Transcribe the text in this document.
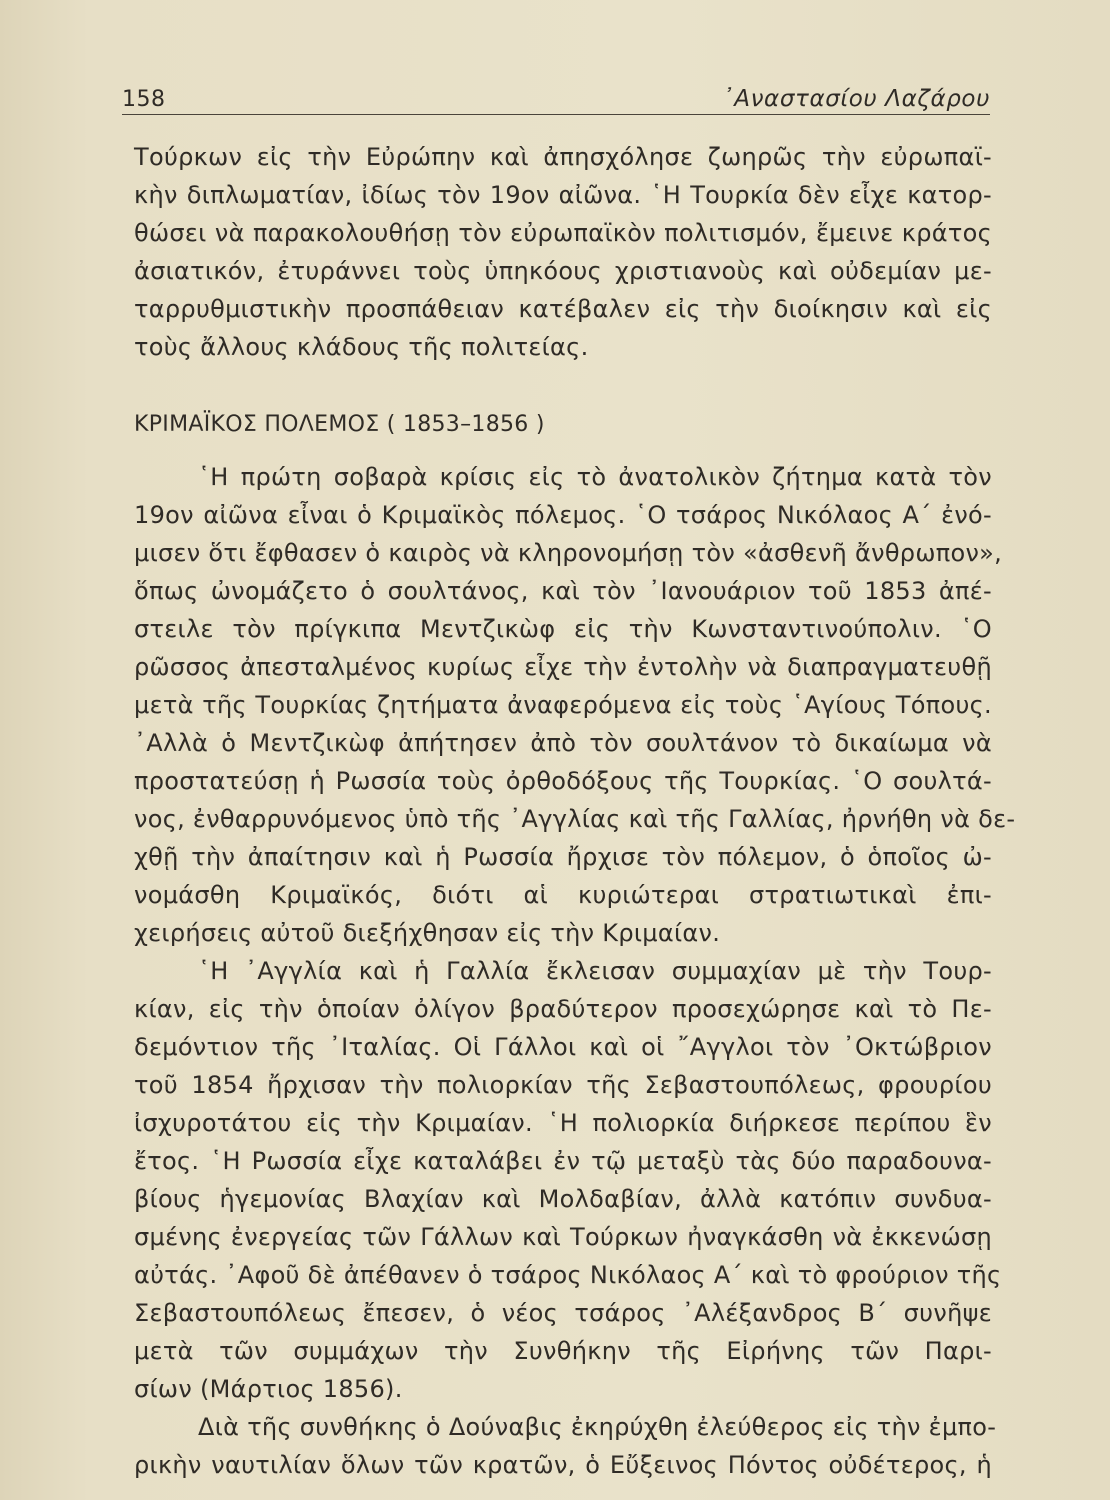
158	᾿Αναστασίου Λαζάρου
Τούρκων εἰς τὴν Εὐρώπην καὶ ἀπησχόλησε ζωηρῶς τὴν εὐρωπαϊ-
κὴν διπλωματίαν, ἰδίως τὸν 19ον αἰῶνα. ῾Η Τουρκία δὲν εἶχε κατορ-
θώσει νὰ παρακολουθήσῃ τὸν εὐρωπαϊκὸν πολιτισμόν, ἔμεινε κράτος
ἀσιατικόν, ἐτυράννει τοὺς ὑπηκόους χριστιανοὺς καὶ οὐδεμίαν με-
ταρρυθμιστικὴν προσπάθειαν κατέβαλεν εἰς τὴν διοίκησιν καὶ εἰς
τοὺς ἄλλους κλάδους τῆς πολιτείας.
ΚΡΙΜΑΪΚΟΣ ΠΟΛΕΜΟΣ ( 1853–1856 )
῾Η πρώτη σοβαρὰ κρίσις εἰς τὸ ἀνατολικὸν ζήτημα κατὰ τὸν
19ον αἰῶνα εἶναι ὁ Κριμαϊκὸς πόλεμος. ῾Ο τσάρος Νικόλαος Α΄ ἐνό-
μισεν ὅτι ἔφθασεν ὁ καιρὸς νὰ κληρονομήσῃ τὸν «ἀσθενῆ ἄνθρωπον»,
ὅπως ὠνομάζετο ὁ σουλτάνος, καὶ τὸν ᾿Ιανουάριον τοῦ 1853 ἀπέ-
στειλε τὸν πρίγκιπα Μεντζικὼφ εἰς τὴν Κωνσταντινούπολιν. ῾Ο
ρῶσσος ἀπεσταλμένος κυρίως εἶχε τὴν ἐντολὴν νὰ διαπραγματευθῇ
μετὰ τῆς Τουρκίας ζητήματα ἀναφερόμενα εἰς τοὺς ῾Αγίους Τόπους.
᾿Αλλὰ ὁ Μεντζικὼφ ἀπήτησεν ἀπὸ τὸν σουλτάνον τὸ δικαίωμα νὰ
προστατεύσῃ ἡ Ρωσσία τοὺς ὀρθοδόξους τῆς Τουρκίας. ῾Ο σουλτά-
νος, ἐνθαρρυνόμενος ὑπὸ τῆς ᾿Αγγλίας καὶ τῆς Γαλλίας, ἠρνήθη νὰ δε-
χθῇ τὴν ἀπαίτησιν καὶ ἡ Ρωσσία ἤρχισε τὸν πόλεμον, ὁ ὁποῖος ὠ-
νομάσθη Κριμαϊκός, διότι αἱ κυριώτεραι στρατιωτικαὶ ἐπι-
χειρήσεις αὐτοῦ διεξήχθησαν εἰς τὴν Κριμαίαν.
῾Η ᾿Αγγλία καὶ ἡ Γαλλία ἔκλεισαν συμμαχίαν μὲ τὴν Τουρ-
κίαν, εἰς τὴν ὁποίαν ὀλίγον βραδύτερον προσεχώρησε καὶ τὸ Πε-
δεμόντιον τῆς ᾿Ιταλίας. Οἱ Γάλλοι καὶ οἱ ῎Αγγλοι τὸν ᾿Οκτώβριον
τοῦ 1854 ἤρχισαν τὴν πολιορκίαν τῆς Σεβαστουπόλεως, φρουρίου
ἰσχυροτάτου εἰς τὴν Κριμαίαν. ῾Η πολιορκία διήρκεσε περίπου ἓν
ἔτος. ῾Η Ρωσσία εἶχε καταλάβει ἐν τῷ μεταξὺ τὰς δύο παραδουνα-
βίους ἡγεμονίας Βλαχίαν καὶ Μολδαβίαν, ἀλλὰ κατόπιν συνδυα-
σμένης ἐνεργείας τῶν Γάλλων καὶ Τούρκων ἠναγκάσθη νὰ ἐκκενώσῃ
αὐτάς. ᾿Αφοῦ δὲ ἀπέθανεν ὁ τσάρος Νικόλαος Α΄ καὶ τὸ φρούριον τῆς
Σεβαστουπόλεως ἔπεσεν, ὁ νέος τσάρος ᾿Αλέξανδρος Β΄ συνῆψε
μετὰ τῶν συμμάχων τὴν Συνθήκην τῆς Εἰρήνης τῶν Παρι-
σίων (Μάρτιος 1856).
Διὰ τῆς συνθήκης ὁ Δούναβις ἐκηρύχθη ἐλεύθερος εἰς τὴν ἐμπο-
ρικὴν ναυτιλίαν ὅλων τῶν κρατῶν, ὁ Εὔξεινος Πόντος οὐδέτερος, ἡ
